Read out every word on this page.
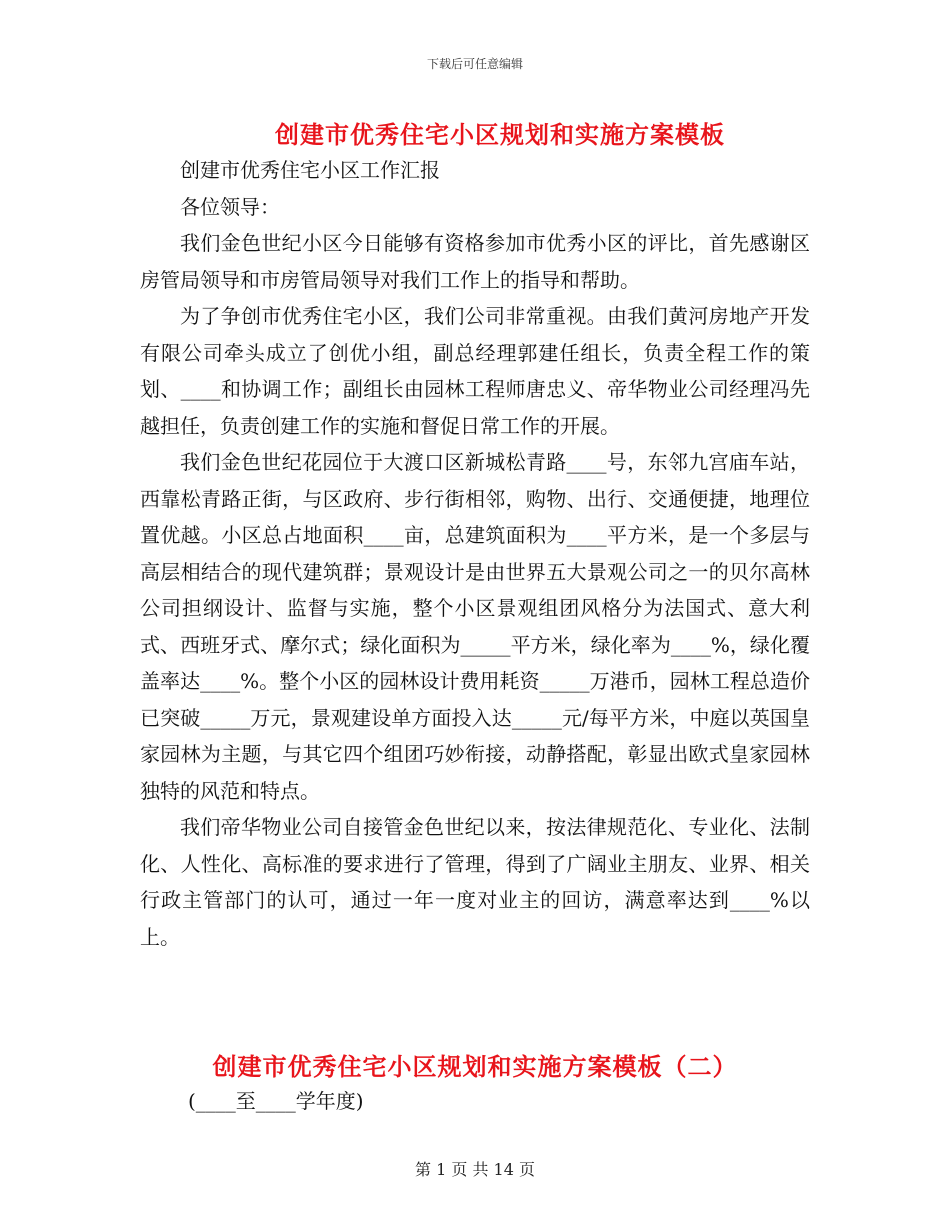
下载后可任意编辑
创建市优秀住宅小区规划和实施方案模板

创建市优秀住宅小区工作汇报

各位领导：

我们金色世纪小区今日能够有资格参加市优秀小区的评比，首先感谢区房管局领导和市房管局领导对我们工作上的指导和帮助。

为了争创市优秀住宅小区，我们公司非常重视。由我们黄河房地产开发有限公司牵头成立了创优小组，副总经理郭建任组长，负责全程工作的策划、____和协调工作；副组长由园林工程师唐忠义、帝华物业公司经理冯先越担任，负责创建工作的实施和督促日常工作的开展。

我们金色世纪花园位于大渡口区新城松青路____号，东邻九宫庙车站，西靠松青路正街，与区政府、步行街相邻，购物、出行、交通便捷，地理位置优越。小区总占地面积____亩，总建筑面积为____平方米，是一个多层与高层相结合的现代建筑群；景观设计是由世界五大景观公司之一的贝尔高林公司担纲设计、监督与实施，整个小区景观组团风格分为法国式、意大利式、西班牙式、摩尔式；绿化面积为_____平方米，绿化率为____%，绿化覆盖率达____%。整个小区的园林设计费用耗资_____万港币，园林工程总造价已突破_____万元，景观建设单方面投入达_____元/每平方米，中庭以英国皇家园林为主题，与其它四个组团巧妙衔接，动静搭配，彰显出欧式皇家园林独特的风范和特点。

我们帝华物业公司自接管金色世纪以来，按法律规范化、专业化、法制化、人性化、高标准的要求进行了管理，得到了广阔业主朋友、业界、相关行政主管部门的认可，通过一年一度对业主的回访，满意率达到____%以上。

创建市优秀住宅小区规划和实施方案模板（二）
(____至____学年度)
第 1 页 共 14 页
